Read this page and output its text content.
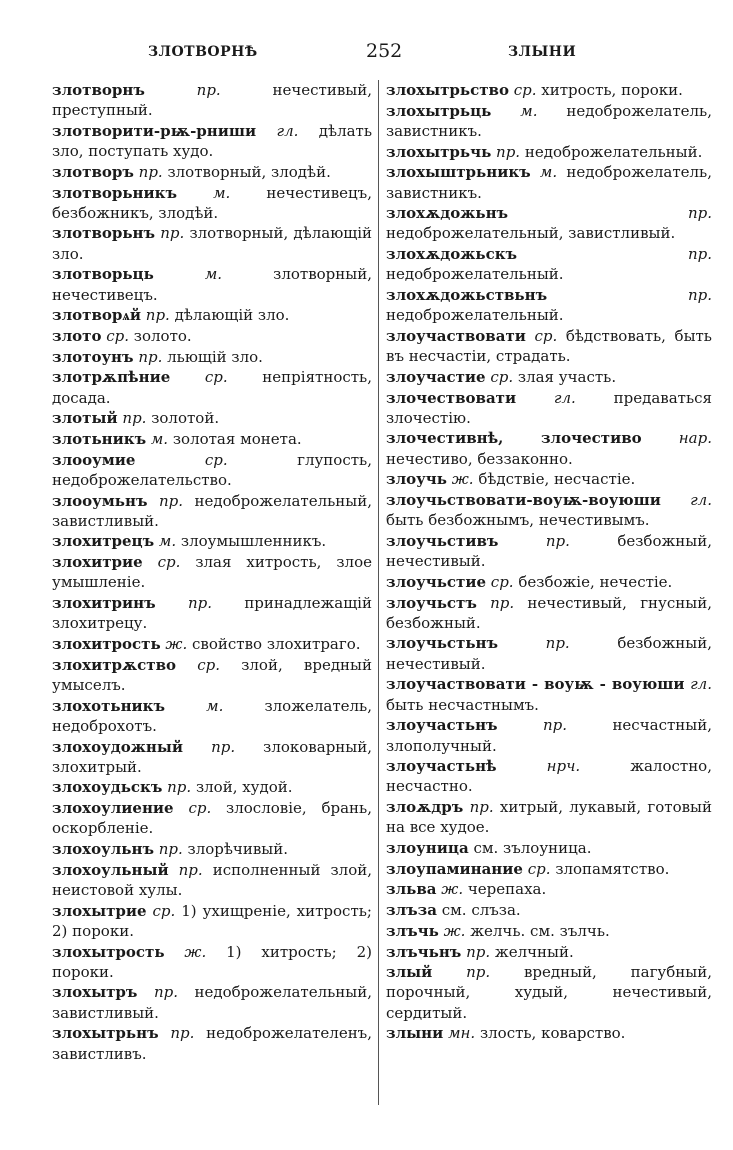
ЗЛОТВОРНѢ	252	ЗЛЫНИ
злотворнъ	пр.	нечестивый, преступный.
злотворити-рѭ-рниши гл. дѣлать зло, поступать худо.
злотворъ пр. злотворный, злодѣй.
злотворьникъ м. нечестивецъ, безбожникъ, злодѣй.
злотворьнъ пр. злотворный, дѣлающій зло.
злотворьць	м.	злотворный, нечестивецъ.
злотворѧй пр. дѣлающій зло.
злото ср. золото.
злотоунъ пр. льющій зло.
злотрѫпѣние ср. непріятность, досада.
злотый пр. золотой.
злотьникъ м. золотая монета.
злооумие	ср.	глупость, недоброжелательство.
злооумьнъ пр. недоброжелательный, завистливый.
злохитрецъ м. злоумышленникъ.
злохитрие ср. злая хитрость, злое умышленіе.
злохитринъ пр. принадлежащій злохитрецу.
злохитрость ж. свойство злохитраго.
злохитрѫство ср. злой, вредный умыселъ.
злохотьникъ	м.	зложелатель, недоброхотъ.
злохоудожный пр. злоковарный, злохитрый.
злохоудьскъ пр. злой, худой.
злохоулиение ср. злословіе, брань, оскорбленіе.
злохоульнъ пр. злорѣчивый.
злохоульный пр. исполненный злой, неистовой хулы.
злохытрие ср. 1) ухищреніе, хитрость; 2) пороки.
злохытрость ж. 1) хитрость; 2) пороки.
злохытръ пр. недоброжелательный, завистливый.
злохытрьнъ пр. недоброжелателенъ, завистливъ.
злохытрьство ср. хитрость, пороки.
злохытрьць м. недоброжелатель, завистникъ.
злохытрьчь пр. недоброжелательный.
злохыштрьникъ м. недоброжелатель, завистникъ.
злохѫдожьнъ	пр. недоброжелательный, завистливый.
злохѫдожьскъ	пр. недоброжелательный.
злохѫдожьствьнъ	пр. недоброжелательный.
злоучаствовати ср. бѣдствовать, быть въ несчастіи, страдать.
злоучастие ср. злая участь.
злочествовати	гл.	предаваться злочестію.
злочестивнѣ, злочестиво нар. нечестиво, беззаконно.
злоучь ж. бѣдствіе, несчастіе.
злоучьствовати-воуѭ-воуюши гл. быть безбожнымъ, нечестивымъ.
злоучьстивъ	пр.	безбожный, нечестивый.
злоучьстие ср. безбожіе, нечестіе.
злоучьстъ пр. нечестивый, гнусный, безбожный.
злоучьстьнъ	пр.	безбожный, нечестивый.
злоучаствовати - воуѭ - воуюши гл. быть несчастнымъ.
злоучастьнъ	пр.	несчастный, злополучный.
злоучастьнѣ	нрч.	жалостно, несчастно.
злоѫдръ пр. хитрый, лукавый, готовый на все худое.
злоуница см. зълоуница.
злоупаминание ср. злопамятство.
зльва ж. черепаха.
злъза см. слъза.
злъчь ж. желчь. см. зълчь.
злъчьнъ пр. желчный.
злый пр. вредный, пагубный, порочный, худый, нечестивый, сердитый.
злыни мн. злость, коварство.
